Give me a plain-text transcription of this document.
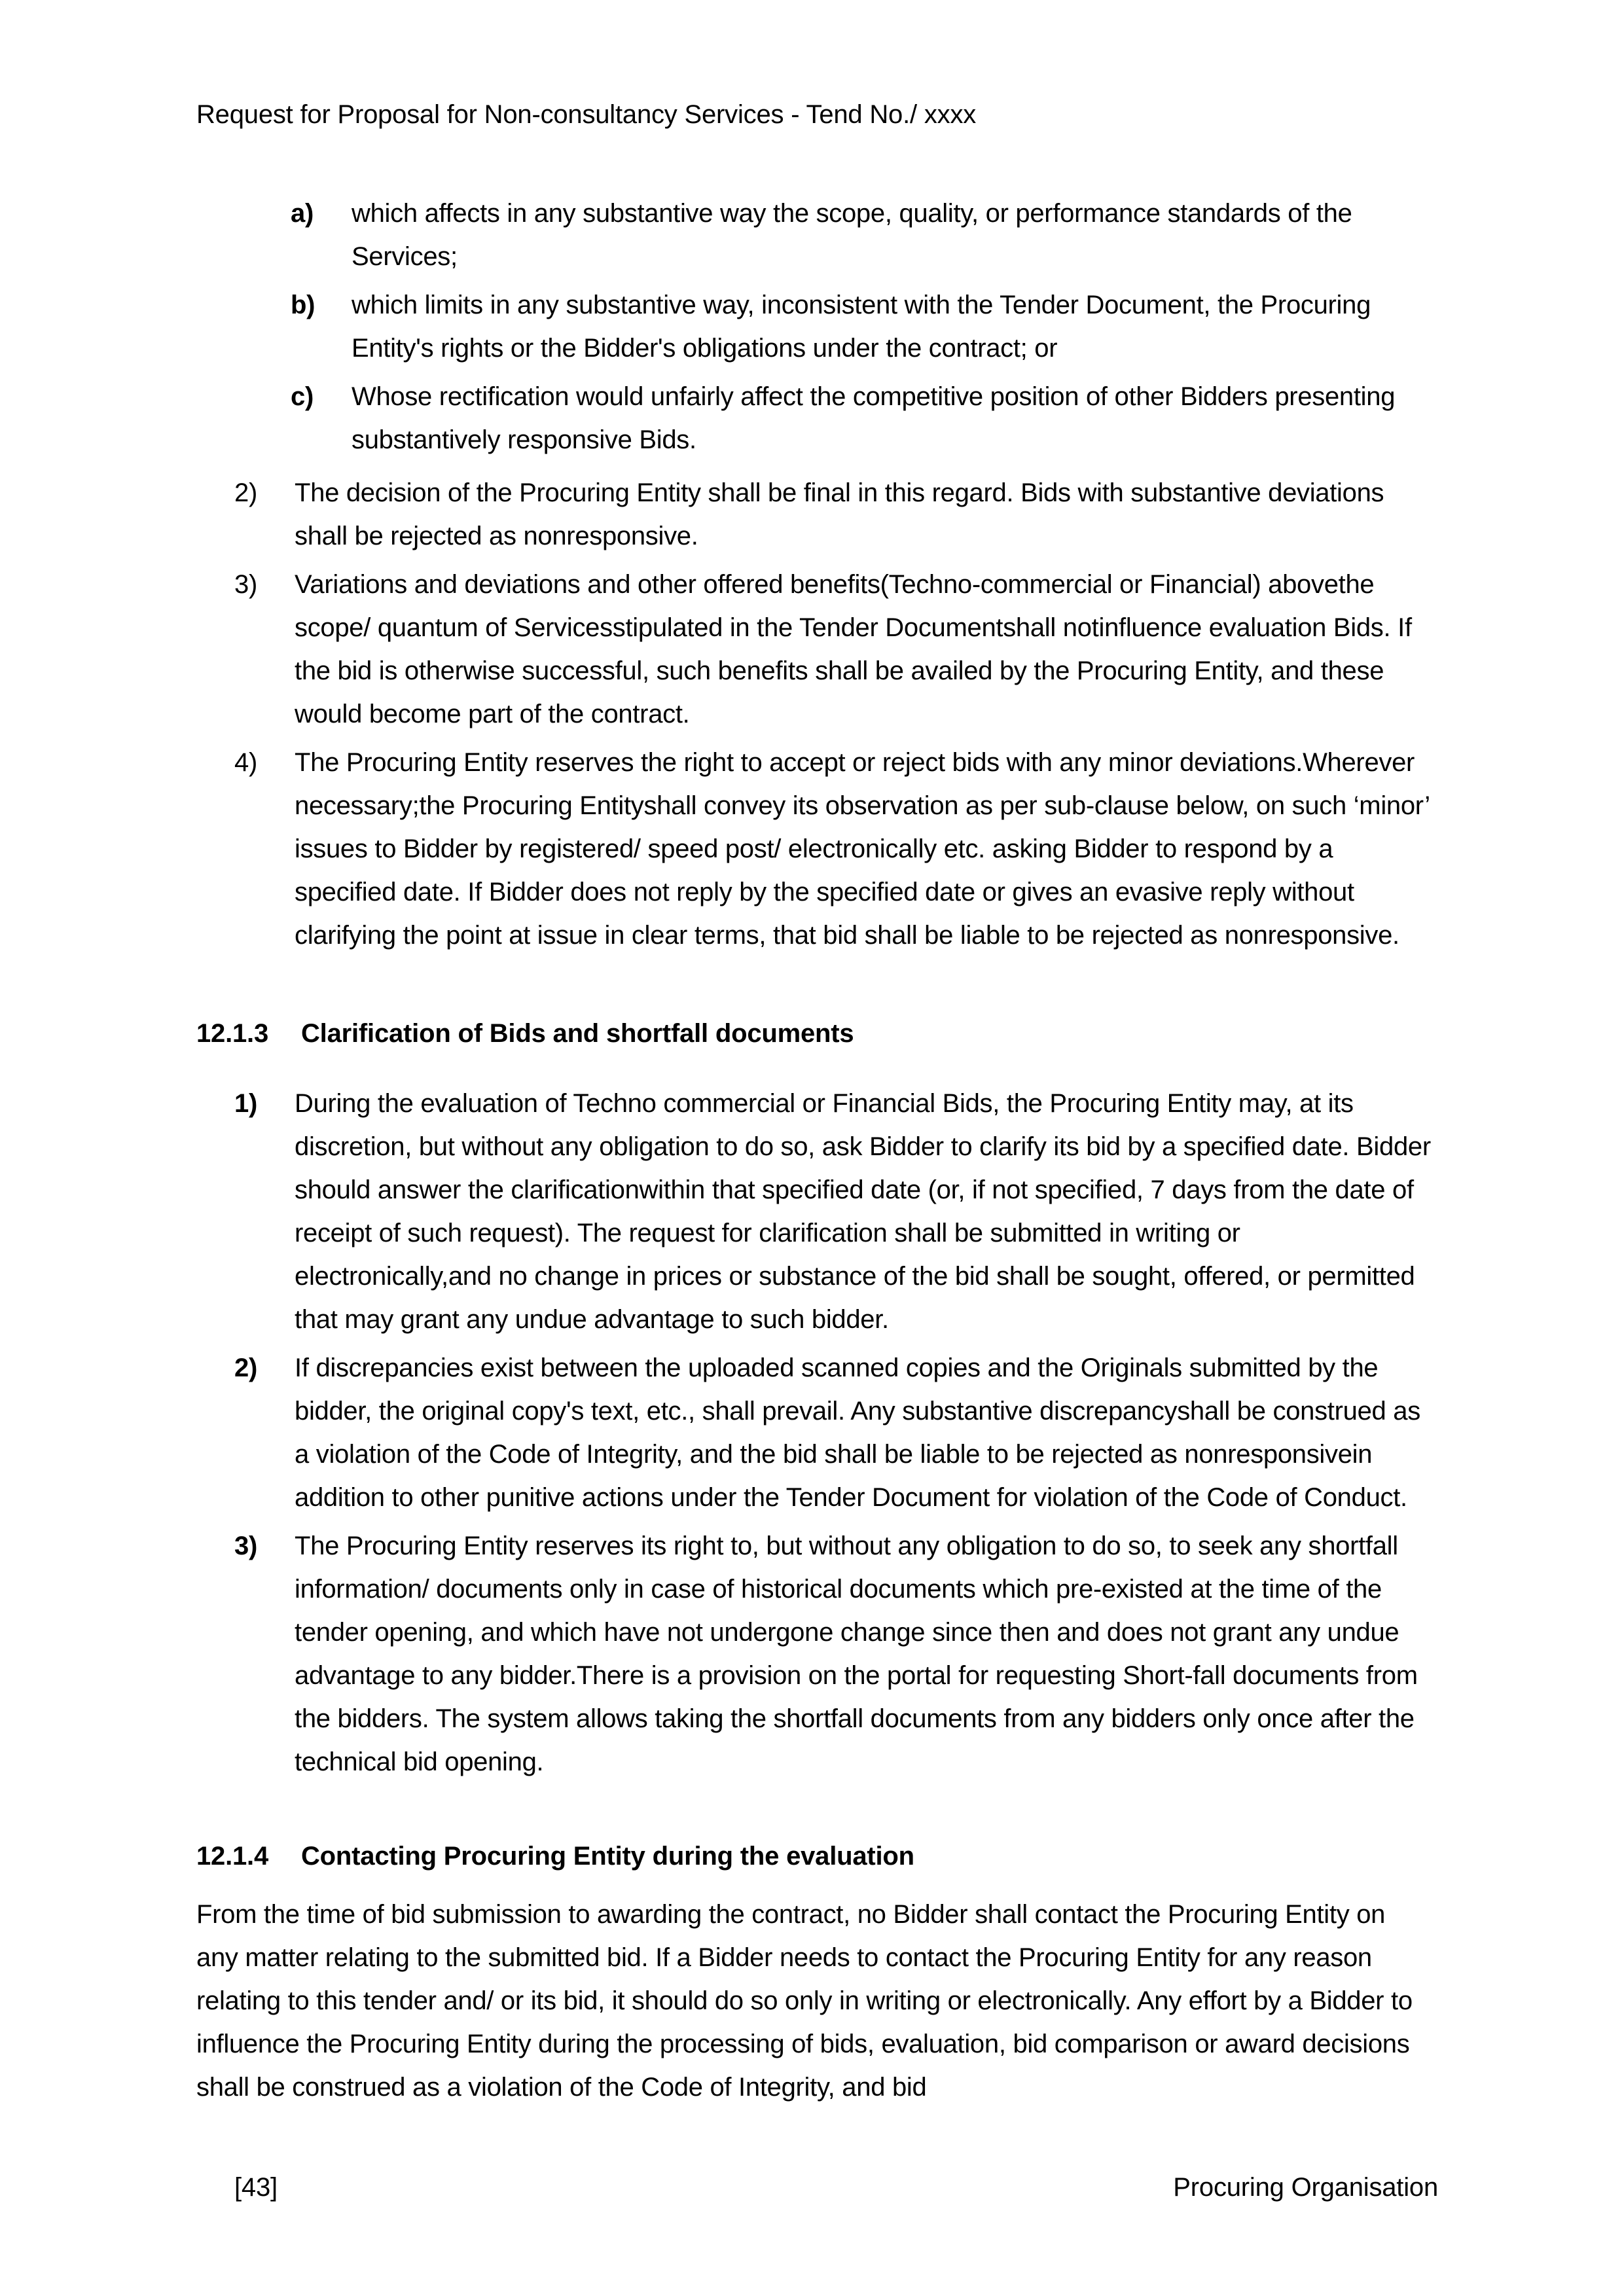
Request for Proposal for Non-consultancy Services - Tend No./ xxxx
a)	which affects in any substantive way the scope, quality, or performance standards of the Services;
b)	which limits in any substantive way, inconsistent with the Tender Document, the Procuring Entity's rights or the Bidder's obligations under the contract; or
c)	Whose rectification would unfairly affect the competitive position of other Bidders presenting substantively responsive Bids.
2)	The decision of the Procuring Entity shall be final in this regard. Bids with substantive deviations shall be rejected as nonresponsive.
3)	Variations and deviations and other offered benefits(Techno-commercial or Financial) abovethe scope/ quantum of Servicesstipulated in the Tender Documentshall notinfluence evaluation Bids. If the bid is otherwise successful, such benefits shall be availed by the Procuring Entity, and these would become part of the contract.
4)	The Procuring Entity reserves the right to accept or reject bids with any minor deviations.Wherever necessary;the Procuring Entityshall convey its observation as per sub-clause below, on such ‘minor’ issues to Bidder by registered/ speed post/ electronically etc. asking Bidder to respond by a specified date. If Bidder does not reply by the specified date or gives an evasive reply without clarifying the point at issue in clear terms, that bid shall be liable to be rejected as nonresponsive.
12.1.3	Clarification of Bids and shortfall documents
1)	During the evaluation of Techno commercial or Financial Bids, the Procuring Entity may, at its discretion, but without any obligation to do so, ask Bidder to clarify its bid by a specified date. Bidder should answer the clarificationwithin that specified date (or, if not specified, 7 days from the date of receipt of such request). The request for clarification shall be submitted in writing or electronically,and no change in prices or substance of the bid shall be sought, offered, or permitted that may grant any undue advantage to such bidder.
2)	If discrepancies exist between the uploaded scanned copies and the Originals submitted by the bidder, the original copy's text, etc., shall prevail. Any substantive discrepancyshall be construed as a violation of the Code of Integrity, and the bid shall be liable to be rejected as nonresponsivein addition to other punitive actions under the Tender Document for violation of the Code of Conduct.
3)	The Procuring Entity reserves its right to, but without any obligation to do so, to seek any shortfall information/ documents only in case of historical documents which pre-existed at the time of the tender opening, and which have not undergone change since then and does not grant any undue advantage to any bidder.There is a provision on the portal for requesting Short-fall documents from the bidders. The system allows taking the shortfall documents from any bidders only once after the technical bid opening.
12.1.4	Contacting Procuring Entity during the evaluation
From the time of bid submission to awarding the contract, no Bidder shall contact the Procuring Entity on any matter relating to the submitted bid. If a Bidder needs to contact the Procuring Entity for any reason relating to this tender and/ or its bid, it should do so only in writing or electronically. Any effort by a Bidder to influence the Procuring Entity during the processing of bids, evaluation, bid comparison or award decisions shall be construed as a violation of the Code of Integrity, and bid
[43]	Procuring Organisation
